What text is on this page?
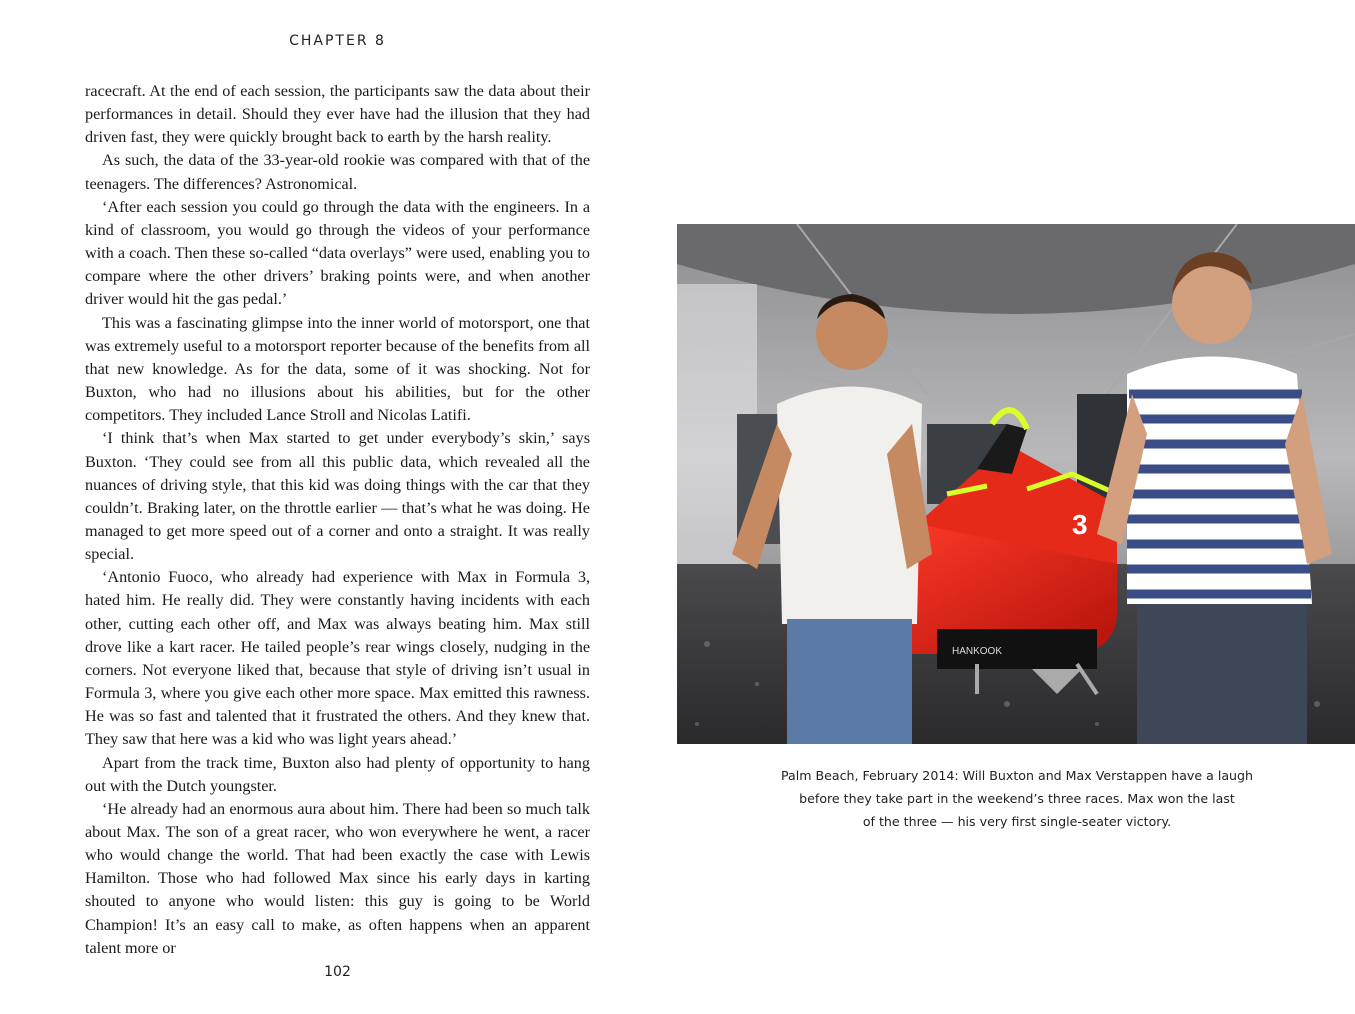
CHAPTER 8

racecraft. At the end of each session, the participants saw the data about their performances in detail. Should they ever have had the illusion that they had driven fast, they were quickly brought back to earth by the harsh reality.

As such, the data of the 33-year-old rookie was compared with that of the teenagers. The differences? Astronomical.

‘After each session you could go through the data with the engineers. In a kind of classroom, you would go through the videos of your performance with a coach. Then these so-called “data overlays” were used, enabling you to compare where the other drivers’ braking points were, and when another driver would hit the gas pedal.’

This was a fascinating glimpse into the inner world of motorsport, one that was extremely useful to a motorsport reporter because of the benefits from all that new knowledge. As for the data, some of it was shocking. Not for Buxton, who had no illusions about his abilities, but for the other competitors. They included Lance Stroll and Nicolas Latifi.

‘I think that’s when Max started to get under everybody’s skin,’ says Buxton. ‘They could see from all this public data, which revealed all the nuances of driving style, that this kid was doing things with the car that they couldn’t. Braking later, on the throttle earlier — that’s what he was doing. He managed to get more speed out of a corner and onto a straight. It was really special.

‘Antonio Fuoco, who already had experience with Max in Formula 3, hated him. He really did. They were constantly having incidents with each other, cutting each other off, and Max was always beating him. Max still drove like a kart racer. He tailed people’s rear wings closely, nudging in the corners. Not everyone liked that, because that style of driving isn’t usual in Formula 3, where you give each other more space. Max emitted this rawness. He was so fast and talented that it frustrated the others. And they knew that. They saw that here was a kid who was light years ahead.’

Apart from the track time, Buxton also had plenty of opportunity to hang out with the Dutch youngster.

‘He already had an enormous aura about him. There had been so much talk about Max. The son of a great racer, who won everywhere he went, a racer who would change the world. That had been exactly the case with Lewis Hamilton. Those who had followed Max since his early days in karting shouted to anyone who would listen: this guy is going to be World Champion! It’s an easy call to make, as often happens when an apparent talent more or

102
3
HANKOOK
Palm Beach, February 2014: Will Buxton and Max Verstappen have a laugh
before they take part in the weekend’s three races. Max won the last
of the three — his very first single-seater victory.
